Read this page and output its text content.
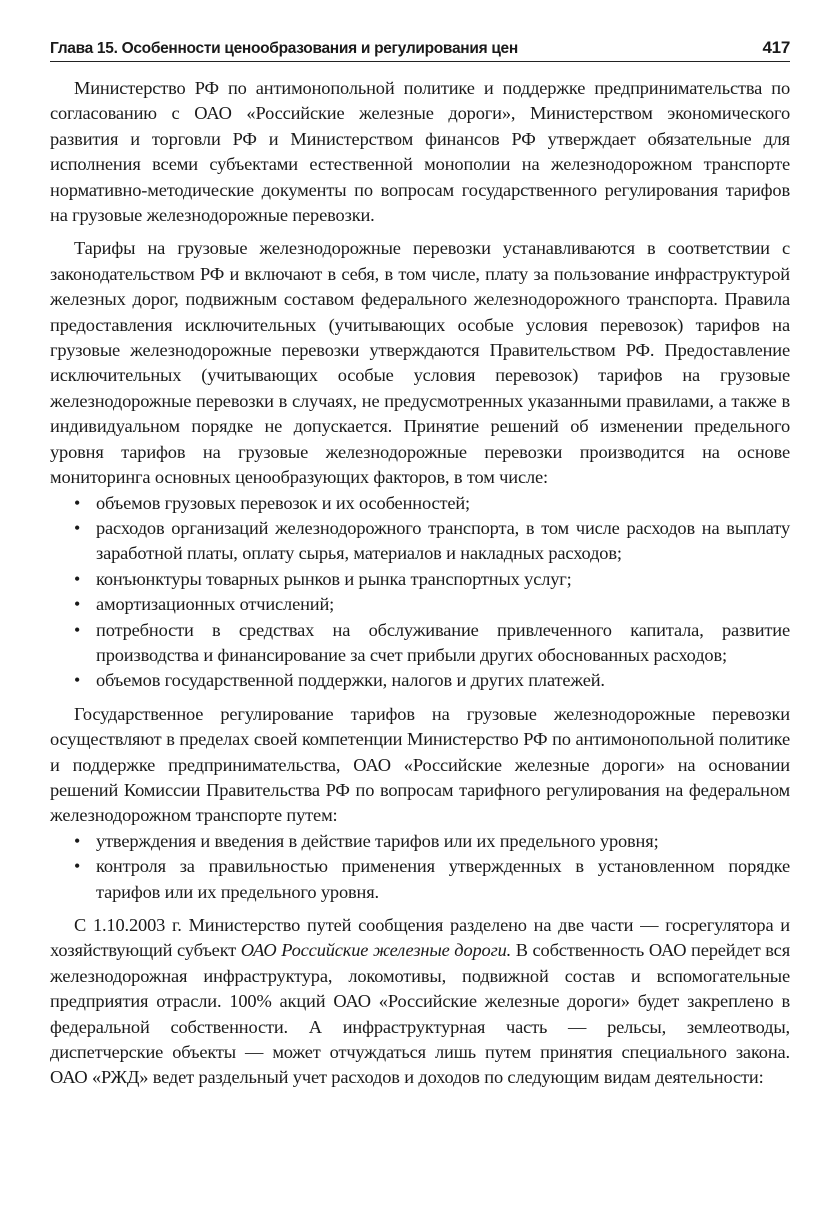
Глава 15. Особенности ценообразования и регулирования цен	417

Министерство РФ по антимонопольной политике и поддержке предпринимательства по согласованию с ОАО «Российские железные дороги», Министерством экономического развития и торговли РФ и Министерством финансов РФ утверждает обязательные для исполнения всеми субъектами естественной монополии на железнодорожном транспорте нормативно-методические документы по вопросам государственного регулирования тарифов на грузовые железнодорожные перевозки.

Тарифы на грузовые железнодорожные перевозки устанавливаются в соответствии с законодательством РФ и включают в себя, в том числе, плату за пользование инфраструктурой железных дорог, подвижным составом федерального железнодорожного транспорта. Правила предоставления исключительных (учитывающих особые условия перевозок) тарифов на грузовые железнодорожные перевозки утверждаются Правительством РФ. Предоставление исключительных (учитывающих особые условия перевозок) тарифов на грузовые железнодорожные перевозки в случаях, не предусмотренных указанными правилами, а также в индивидуальном порядке не допускается. Принятие решений об изменении предельного уровня тарифов на грузовые железнодорожные перевозки производится на основе мониторинга основных ценообразующих факторов, в том числе:

• объемов грузовых перевозок и их особенностей;
• расходов организаций железнодорожного транспорта, в том числе расходов на выплату заработной платы, оплату сырья, материалов и накладных расходов;
• конъюнктуры товарных рынков и рынка транспортных услуг;
• амортизационных отчислений;
• потребности в средствах на обслуживание привлеченного капитала, развитие производства и финансирование за счет прибыли других обоснованных расходов;
• объемов государственной поддержки, налогов и других платежей.

Государственное регулирование тарифов на грузовые железнодорожные перевозки осуществляют в пределах своей компетенции Министерство РФ по антимонопольной политике и поддержке предпринимательства, ОАО «Российские железные дороги» на основании решений Комиссии Правительства РФ по вопросам тарифного регулирования на федеральном железнодорожном транспорте путем:

• утверждения и введения в действие тарифов или их предельного уровня;
• контроля за правильностью применения утвержденных в установленном порядке тарифов или их предельного уровня.

С 1.10.2003 г. Министерство путей сообщения разделено на две части — госрегулятора и хозяйствующий субъект ОАО Российские железные дороги. В собственность ОАО перейдет вся железнодорожная инфраструктура, локомотивы, подвижной состав и вспомогательные предприятия отрасли. 100% акций ОАО «Российские железные дороги» будет закреплено в федеральной собственности. А инфраструктурная часть — рельсы, землеотводы, диспетчерские объекты — может отчуждаться лишь путем принятия специального закона. ОАО «РЖД» ведет раздельный учет расходов и доходов по следующим видам деятельности:
